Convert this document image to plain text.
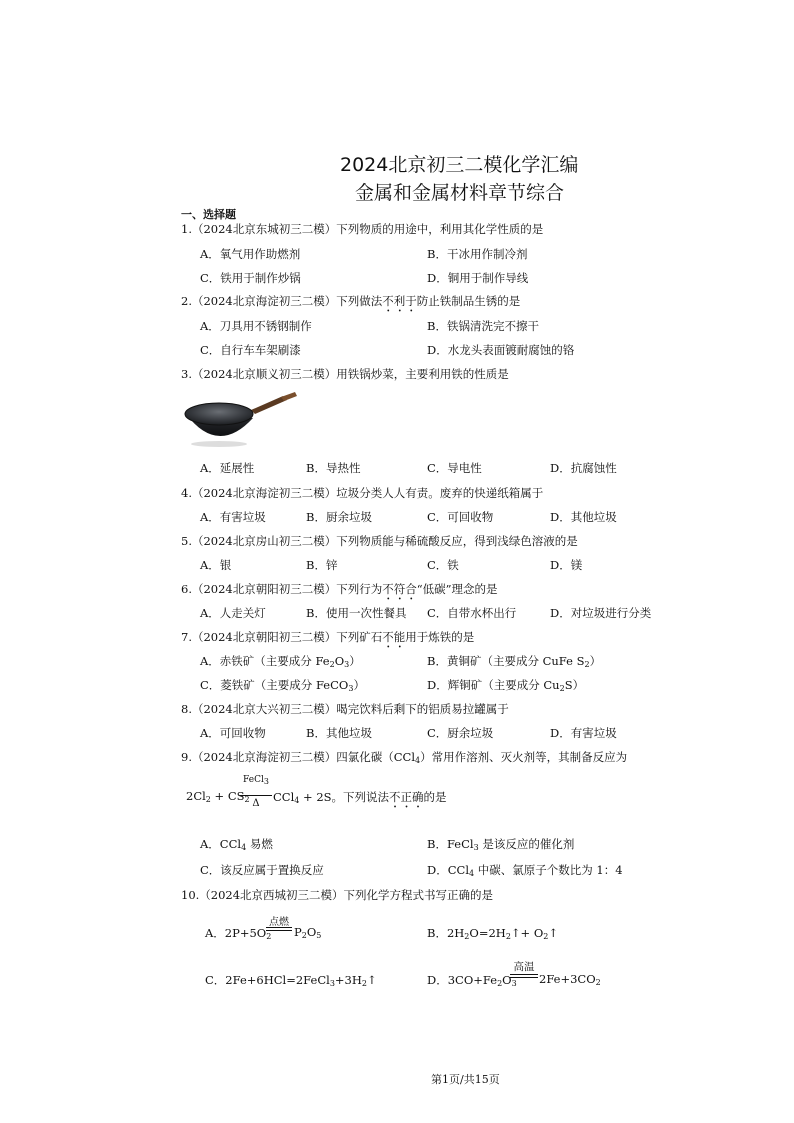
2024北京初三二模化学汇编
金属和金属材料章节综合
一、选择题
1.（2024北京东城初三二模）下列物质的用途中，利用其化学性质的是
A．氧气用作助燃剂	B．干冰用作制冷剂
C．铁用于制作炒锅	D．铜用于制作导线
2.（2024北京海淀初三二模）下列做法不利于防止铁制品生锈的是
A．刀具用不锈钢制作	B．铁锅清洗完不擦干
C．自行车车架刷漆	D．水龙头表面镀耐腐蚀的铬
3.（2024北京顺义初三二模）用铁锅炒菜，主要利用铁的性质是
A．延展性	B．导热性	C．导电性	D．抗腐蚀性
4.（2024北京海淀初三二模）垃圾分类人人有责。废弃的快递纸箱属于
A．有害垃圾	B．厨余垃圾	C．可回收物	D．其他垃圾
5.（2024北京房山初三二模）下列物质能与稀硫酸反应，得到浅绿色溶液的是
A．银	B．锌	C．铁	D．镁
6.（2024北京朝阳初三二模）下列行为不符合“低碳”理念的是
A．人走关灯	B．使用一次性餐具 C．自带水杯出行	D．对垃圾进行分类
7.（2024北京朝阳初三二模）下列矿石不能用于炼铁的是
A．赤铁矿（主要成分 $Fe_2O_3$）	B．黄铜矿（主要成分 CuFe $S_2$）
C．菱铁矿（主要成分 FeCO$_3$）	D．辉铜矿（主要成分 $Cu_2S$）
8.（2024北京大兴初三二模）喝完饮料后剩下的铝质易拉罐属于
A．可回收物	B．其他垃圾	C．厨余垃圾	D．有害垃圾
9.（2024北京海淀初三二模）四氯化碳（CCl$_4$）常用作溶剂、灭火剂等，其制备反应为
$2Cl_2 + CS_2$
FeCl$_3$
Δ	CCl$_4$ + 2S。下列说法不正确的是
A．CCl$_4$ 易燃	B．FeCl$_3$ 是该反应的催化剂
C．该反应属于置换反应	D．CCl$_4$ 中碳、氯原子个数比为 1：4
10.（2024北京西城初三二模）下列化学方程式书写正确的是
A．$2P+5O_2$
点燃
$P_2O_5$	B．$2H_2O=2H_2↑+$ $O_2↑$
C．$2Fe+6HCl=2FeCl_3+3H_2↑$	D．$3CO+Fe_2O_3$
高温
$2Fe+3CO_2$
第1页/共15页
